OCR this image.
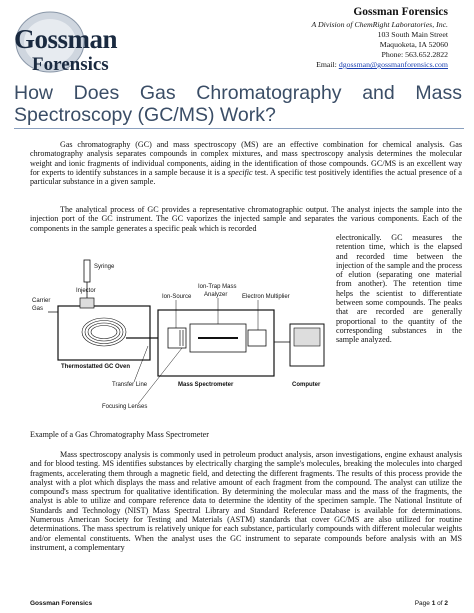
Gossman
Forensics
Gossman Forensics
A Division of ChemRight Laboratories, Inc.
103 South Main Street
Maquoketa, IA 52060
Phone: 563.652.2822
Email: dgossman@gossmanforensics.com
How Does Gas Chromatography and Mass
Spectroscopy (GC/MS) Work?
Gas chromatography (GC) and mass spectroscopy (MS) are an effective combination for chemical analysis. Gas chromatography analysis separates compounds in complex mixtures, and mass spectroscopy analysis determines the molecular weight and ionic fragments of individual components, aiding in the identification of those compounds. GC/MS is an excellent way for experts to identify substances in a sample because it is a specific test. A specific test positively identifies the actual presence of a particular substance in a given sample.
The analytical process of GC provides a representative chromatographic output. The analyst injects the sample into the injection port of the GC instrument. The GC vaporizes the injected sample and separates the various components. Each of the components in the sample generates a specific peak which is recorded
electronically. GC measures the retention time, which is the elapsed and recorded time between the injection of the sample and the process of elution (separating one material from another). The retention time helps the scientist to differentiate between some compounds. The peaks that are recorded are generally proportional to the quantity of the corresponding substances in the sample analyzed.
Syringe
Injector
Carrier
Gas
Thermostatted GC Oven
Transfer Line
Ion-Source
Ion-Trap Mass
Analyzer Electron Multiplier
Mass Spectrometer
Focusing Lenses
Computer
Example of a Gas Chromatography Mass Spectrometer
Mass spectroscopy analysis is commonly used in petroleum product analysis, arson investigations, engine exhaust analysis and for blood testing. MS identifies substances by electrically charging the sample's molecules, breaking the molecules into charged fragments, accelerating them through a magnetic field, and detecting the different fragments. The results of this process provide the analyst with a plot which displays the mass and relative amount of each fragment from the compound. The analyst can utilize the compound's mass spectrum for qualitative identification. By determining the molecular mass and the mass of the fragments, the analyst is able to utilize and compare reference data to determine the identity of the specimen sample. The National Institute of Standards and Technology (NIST) Mass Spectral Library and Standard Reference Database is available for determinations. Numerous American Society for Testing and Materials (ASTM) standards that cover GC/MS are also utilized for routine determinations. The mass spectrum is relatively unique for each substance, particularly compounds with different molecular weights and/or elemental constituents. When the analyst uses the GC instrument to separate compounds before analysis with an MS instrument, a complementary
Gossman Forensics	Page 1 of 2
